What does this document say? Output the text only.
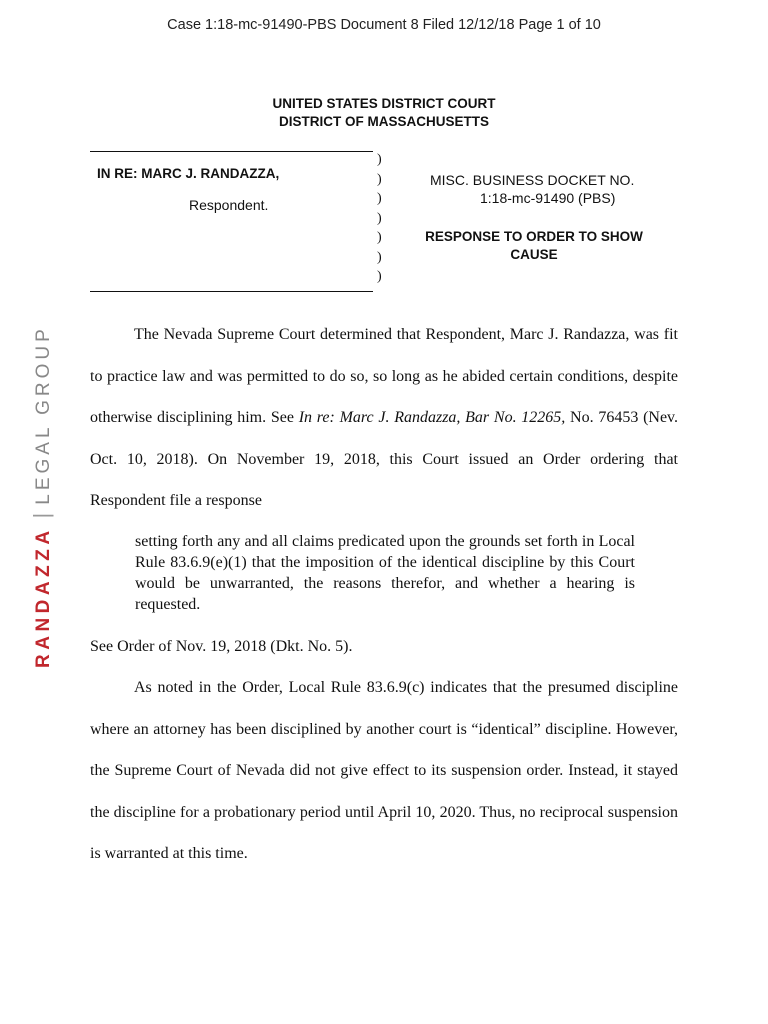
Case 1:18-mc-91490-PBS Document 8 Filed 12/12/18 Page 1 of 10
UNITED STATES DISTRICT COURT
DISTRICT OF MASSACHUSETTS
IN RE: MARC J. RANDAZZA,
Respondent.
)
)
)
)
)
)
)
MISC. BUSINESS DOCKET NO.
1:18-mc-91490 (PBS)
RESPONSE TO ORDER TO SHOW
CAUSE
The Nevada Supreme Court determined that Respondent, Marc J. Randazza, was fit to practice law and was permitted to do so, so long as he abided certain conditions, despite otherwise disciplining him. See In re: Marc J. Randazza, Bar No. 12265, No. 76453 (Nev. Oct. 10, 2018). On November 19, 2018, this Court issued an Order ordering that Respondent file a response
setting forth any and all claims predicated upon the grounds set forth in Local Rule 83.6.9(e)(1) that the imposition of the identical discipline by this Court would be unwarranted, the reasons therefor, and whether a hearing is requested.
See Order of Nov. 19, 2018 (Dkt. No. 5).
As noted in the Order, Local Rule 83.6.9(c) indicates that the presumed discipline where an attorney has been disciplined by another court is “identical” discipline. However, the Supreme Court of Nevada did not give effect to its suspension order. Instead, it stayed the discipline for a probationary period until April 10, 2020. Thus, no reciprocal suspension is warranted at this time.
RANDAZZA|LEGAL GROUP
